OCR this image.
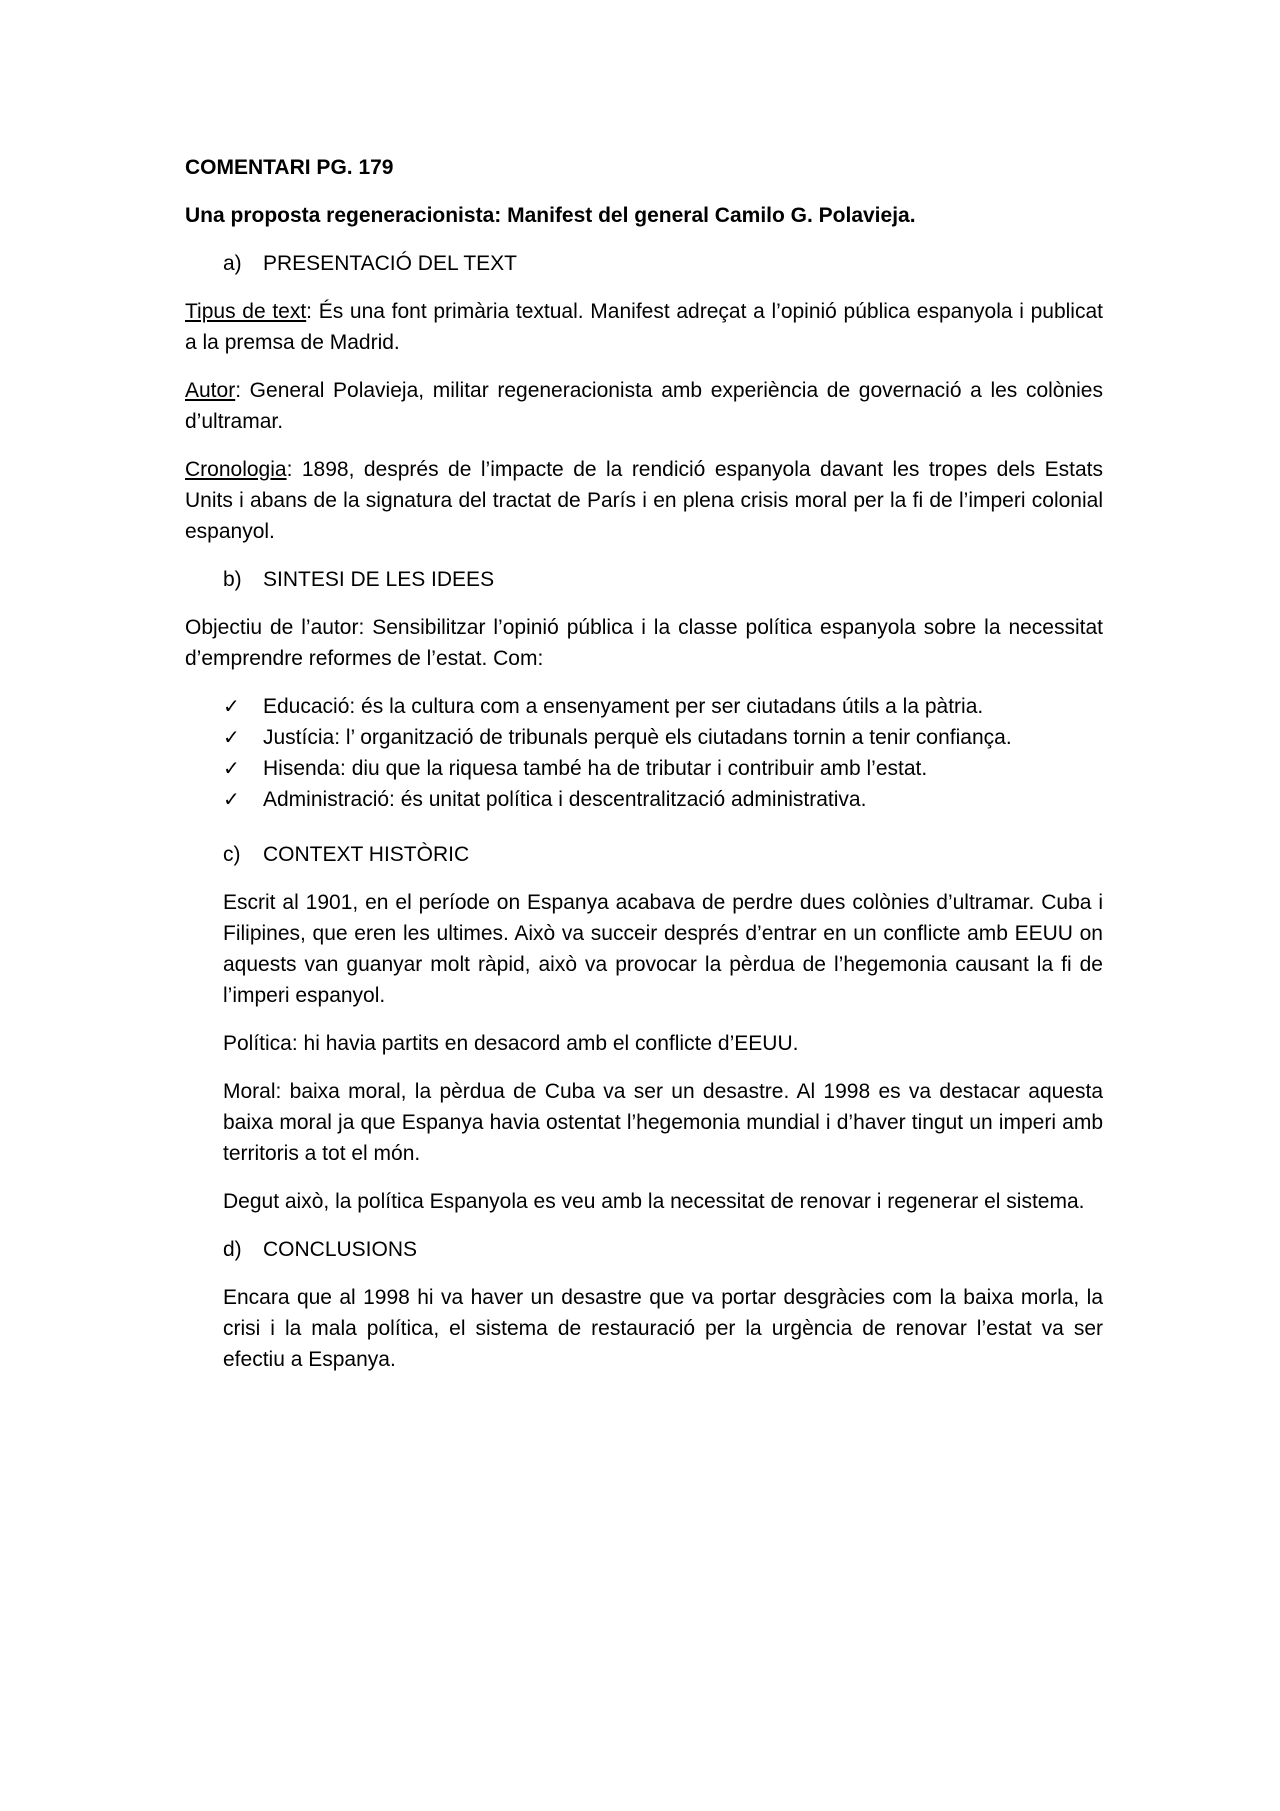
COMENTARI PG. 179
Una proposta regeneracionista: Manifest del general Camilo G. Polavieja.
a)	PRESENTACIÓ DEL TEXT

Tipus de text: És una font primària textual. Manifest adreçat a l’opinió pública espanyola i publicat a la premsa de Madrid.

Autor: General Polavieja, militar regeneracionista amb experiència de governació a les colònies d’ultramar.

Cronologia: 1898, després de l’impacte de la rendició espanyola davant les tropes dels Estats Units i abans de la signatura del tractat de París i en plena crisis moral per la fi de l’imperi colonial espanyol.

b)	SINTESI DE LES IDEES

Objectiu de l’autor: Sensibilitzar l’opinió pública i la classe política espanyola sobre la necessitat d’emprendre reformes de l’estat. Com:

✓	Educació: és la cultura com a ensenyament per ser ciutadans útils a la pàtria.
✓	Justícia: l’ organització de tribunals perquè els ciutadans tornin a tenir confiança.
✓	Hisenda: diu que la riquesa també ha de tributar i contribuir amb l’estat.
✓	Administració: és unitat política i descentralització administrativa.
c)	CONTEXT HISTÒRIC

Escrit al 1901, en el període on Espanya acabava de perdre dues colònies d’ultramar. Cuba i Filipines, que eren les ultimes. Això va succeir després d’entrar en un conflicte amb EEUU on aquests van guanyar molt ràpid, això va provocar la pèrdua de l’hegemonia causant la fi de l’imperi espanyol.

Política: hi havia partits en desacord amb el conflicte d’EEUU.

Moral: baixa moral, la pèrdua de Cuba va ser un desastre. Al 1998 es va destacar aquesta baixa moral ja que Espanya havia ostentat l’hegemonia mundial i d’haver tingut un imperi amb territoris a tot el món.

Degut això, la política Espanyola es veu amb la necessitat de renovar i regenerar el sistema.

d)	CONCLUSIONS

Encara que al 1998 hi va haver un desastre que va portar desgràcies com la baixa morla, la crisi i la mala política, el sistema de restauració per la urgència de renovar l’estat va ser efectiu a Espanya.
